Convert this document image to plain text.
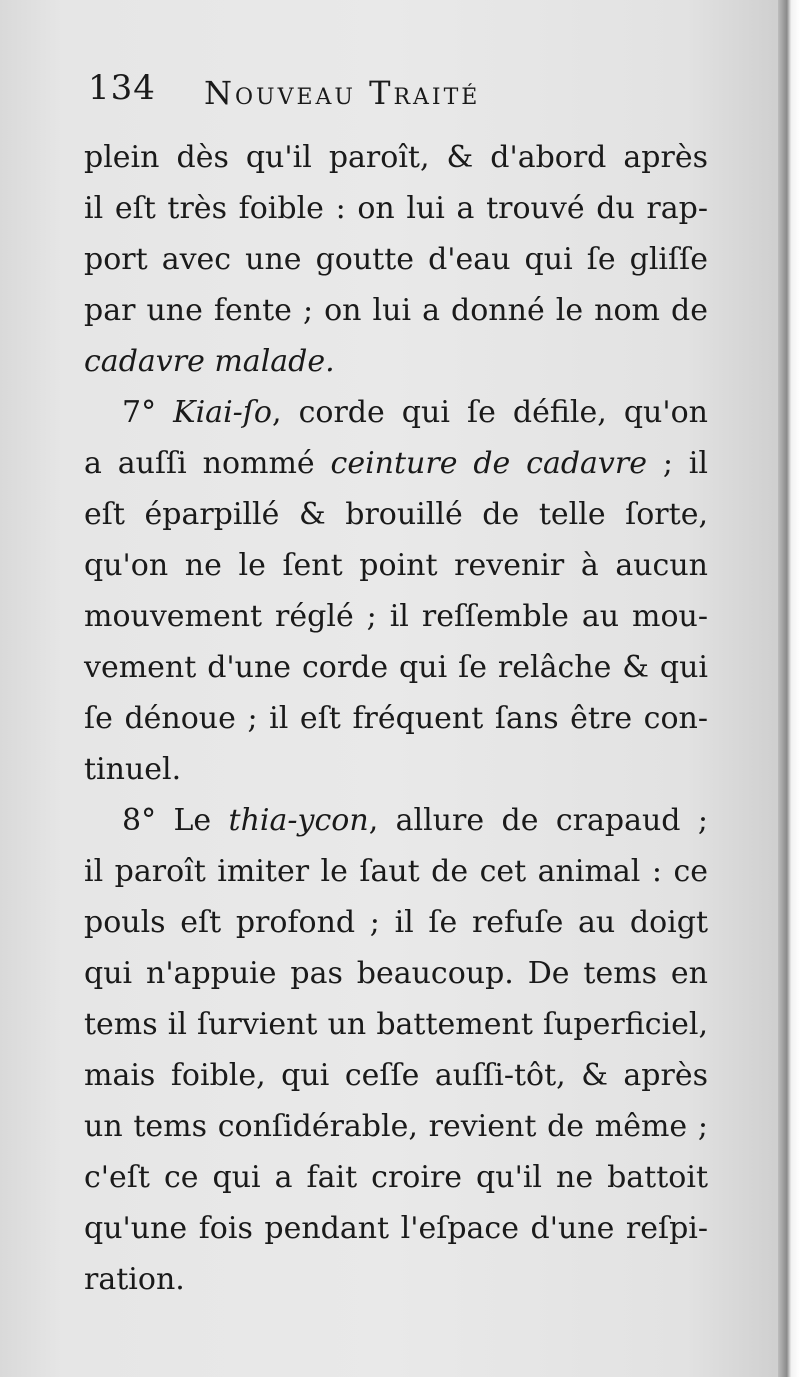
134 Nouveau Traité
plein dès qu'il paroît, & d'abord après
il eſt très foible : on lui a trouvé du rap-
port avec une goutte d'eau qui ſe gliſſe
par une fente ; on lui a donné le nom de
cadavre malade.
7° Kiai-ſo, corde qui ſe défile, qu'on
a auſſi nommé ceinture de cadavre ; il
eſt éparpillé & brouillé de telle ſorte,
qu'on ne le ſent point revenir à aucun
mouvement réglé ; il reſſemble au mou-
vement d'une corde qui ſe relâche & qui
ſe dénoue ; il eſt fréquent ſans être con-
tinuel.
8° Le thia-ycon, allure de crapaud ;
il paroît imiter le ſaut de cet animal : ce
pouls eſt profond ; il ſe refuſe au doigt
qui n'appuie pas beaucoup. De tems en
tems il ſurvient un battement ſuperficiel,
mais foible, qui ceſſe auſſi-tôt, & après
un tems conſidérable, revient de même ;
c'eſt ce qui a fait croire qu'il ne battoit
qu'une fois pendant l'eſpace d'une reſpi-
ration.
